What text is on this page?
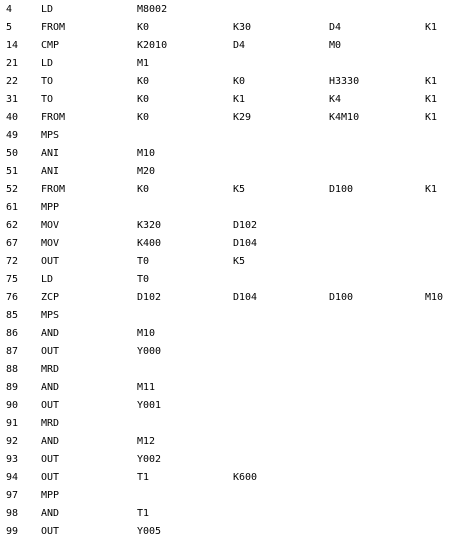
4	LD	M8002
5	FROM	K0	K30	D4	K1
14 CMP	K2010	D4	M0
21 LD	M1
22 TO	K0	K0	H3330	K1
31 TO	K0	K1	K4	K1
40 FROM	K0	K29	K4M10	K1
49 MPS
50 ANI	M10
51 ANI	M20
52 FROM	K0	K5	D100	K1
61 MPP
62 MOV	K320	D102
67 MOV	K400	D104
72 OUT	T0	K5
75 LD	T0
76 ZCP	D102	D104	D100	M10
85 MPS
86 AND	M10
87 OUT	Y000
88 MRD
89 AND	M11
90 OUT	Y001
91 MRD
92 AND	M12
93 OUT	Y002
94 OUT	T1	K600
97 MPP
98 AND	T1
99 OUT	Y005
